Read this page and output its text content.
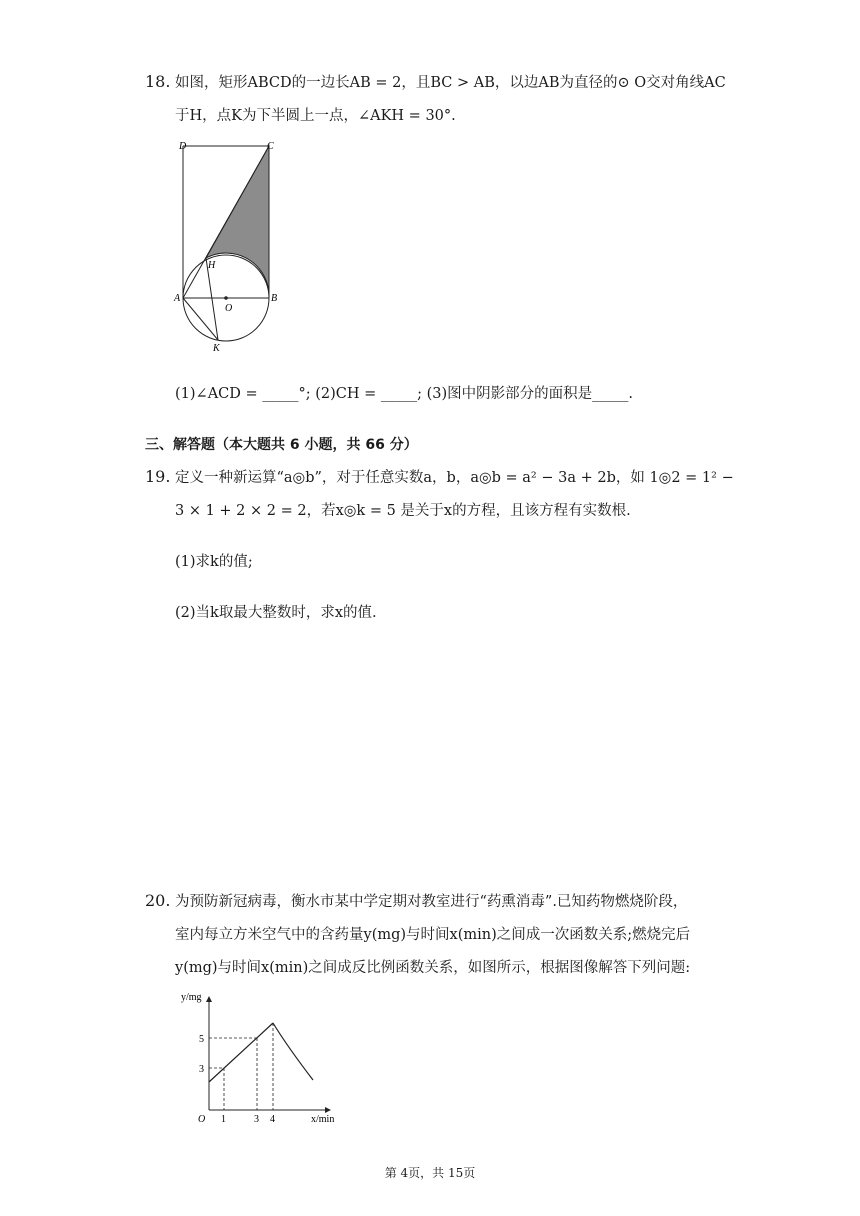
18. 如图，矩形ABCD的一边长AB = 2，且BC > AB，以边AB为直径的⊙ O交对角线AC
于H，点K为下半圆上一点，∠AKH = 30°.
D	C
H
A
O
B
K
(1)∠ACD = _____°; (2)CH = _____; (3)图中阴影部分的面积是_____.
三、解答题（本大题共 6 小题，共 66 分）
19. 定义一种新运算“a◎b”，对于任意实数a，b，a◎b = a² − 3a + 2b，如 1◎2 = 1² −
3 × 1 + 2 × 2 = 2，若x◎k = 5 是关于x的方程，且该方程有实数根.
(1)求k的值;
(2)当k取最大整数时，求x的值.
20. 为预防新冠病毒，衡水市某中学定期对教室进行“药熏消毒”.已知药物燃烧阶段，
室内每立方米空气中的含药量y(mg)与时间x(min)之间成一次函数关系;燃烧完后
y(mg)与时间x(min)之间成反比例函数关系，如图所示，根据图像解答下列问题:
y/mg
x/min
O
5
3
1	3 4
第 4页，共 15页
